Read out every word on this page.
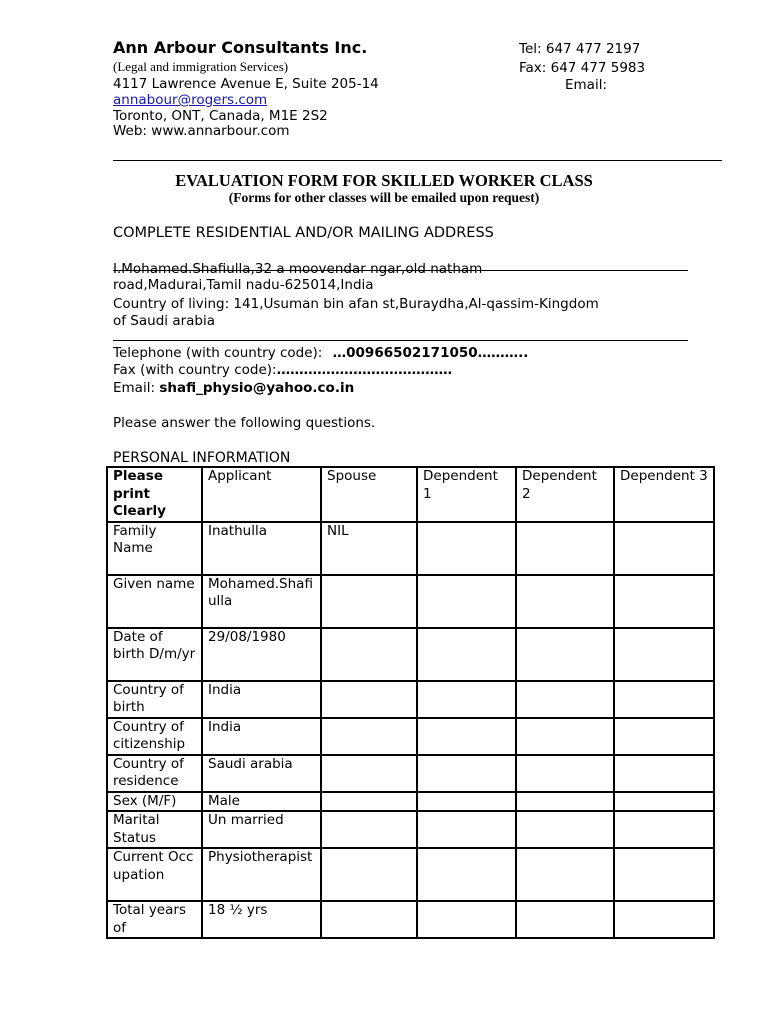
Ann Arbour Consultants Inc.
(Legal and immigration Services)
4117 Lawrence Avenue E, Suite 205-14
annabour@rogers.com
Toronto, ONT, Canada, M1E 2S2
Web: www.annarbour.com
Tel: 647 477 2197
Fax: 647 477 5983
Email:
EVALUATION FORM FOR SKILLED WORKER CLASS
(Forms for other classes will be emailed upon request)
COMPLETE RESIDENTIAL AND/OR MAILING ADDRESS
I.Mohamed.Shafiulla,32 a moovendar ngar,old natham
road,Madurai,Tamil nadu-625014,India
Country of living: 141,Usuman bin afan st,Buraydha,Al-qassim-Kingdom
of Saudi arabia
Telephone (with country code): …00966502171050………..
Fax (with country code):…………………………………
Email: shafi_physio@yahoo.co.in
Please answer the following questions.
PERSONAL INFORMATION
Please print Clearly	Applicant	Spouse	Dependent 1	Dependent 2	Dependent 3
Family Name	Inathulla	NIL			
Given name	Mohamed.Shafiulla				
Date of birth D/m/yr	29/08/1980				
Country of birth	India				
Country of citizenship	India				
Country of residence	Saudi arabia				
Sex (M/F)	Male				
Marital Status	Un married				
Current Occupation	Physiotherapist				
Total years of	18 ½ yrs				
